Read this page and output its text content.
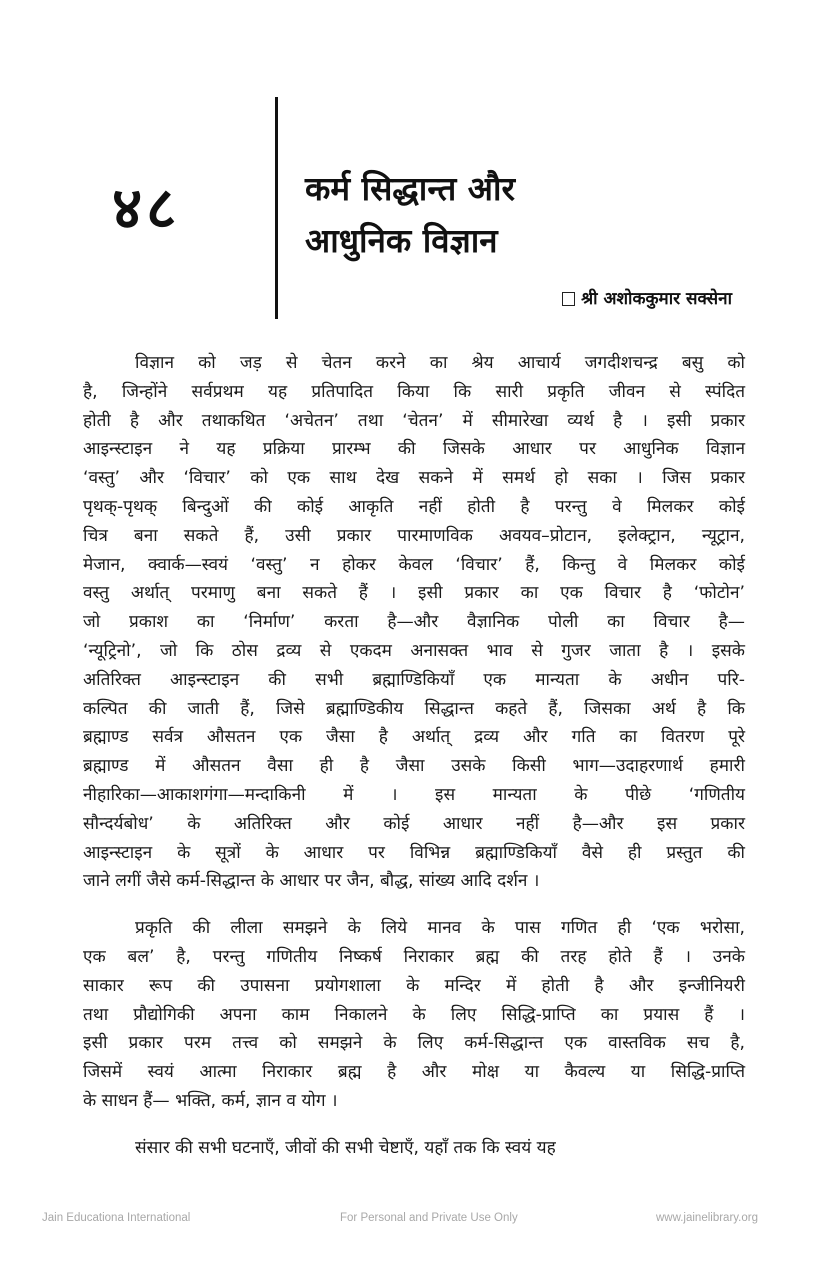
४८	कर्म सिद्धान्त और
आधुनिक विज्ञान
श्री अशोककुमार सक्सेना

विज्ञान को जड़ से चेतन करने का श्रेय आचार्य जगदीशचन्द्र बसु को
है, जिन्होंने सर्वप्रथम यह प्रतिपादित किया कि सारी प्रकृति जीवन से स्पंदित
होती है और तथाकथित ‘अचेतन’ तथा ‘चेतन’ में सीमारेखा व्यर्थ है । इसी प्रकार
आइन्स्टाइन ने यह प्रक्रिया प्रारम्भ की जिसके आधार पर आधुनिक विज्ञान
‘वस्तु’ और ‘विचार’ को एक साथ देख सकने में समर्थ हो सका । जिस प्रकार
पृथक्-पृथक् बिन्दुओं की कोई आकृति नहीं होती है परन्तु वे मिलकर कोई
चित्र बना सकते हैं, उसी प्रकार पारमाणविक अवयव–प्रोटान, इलेक्ट्रान, न्यूट्रान,
मेजान, क्वार्क—स्वयं ‘वस्तु’ न होकर केवल ‘विचार’ हैं, किन्तु वे मिलकर कोई
वस्तु अर्थात् परमाणु बना सकते हैं । इसी प्रकार का एक विचार है ‘फोटोन’
जो प्रकाश का ‘निर्माण’ करता है—और वैज्ञानिक पोली का विचार है—
‘न्यूट्रिनो’, जो कि ठोस द्रव्य से एकदम अनासक्त भाव से गुजर जाता है । इसके
अतिरिक्त आइन्स्टाइन की सभी ब्रह्माण्डिकियाँ एक मान्यता के अधीन परि-
कल्पित की जाती हैं, जिसे ब्रह्माण्डिकीय सिद्धान्त कहते हैं, जिसका अर्थ है कि
ब्रह्माण्ड सर्वत्र औसतन एक जैसा है अर्थात् द्रव्य और गति का वितरण पूरे
ब्रह्माण्ड में औसतन वैसा ही है जैसा उसके किसी भाग—उदाहरणार्थ हमारी
नीहारिका—आकाशगंगा—मन्दाकिनी में । इस मान्यता के पीछे ‘गणितीय
सौन्दर्यबोध’ के अतिरिक्त और कोई आधार नहीं है—और इस प्रकार
आइन्स्टाइन के सूत्रों के आधार पर विभिन्न ब्रह्माण्डिकियाँ वैसे ही प्रस्तुत की
जाने लगीं जैसे कर्म-सिद्धान्त के आधार पर जैन, बौद्ध, सांख्य आदि दर्शन ।

प्रकृति की लीला समझने के लिये मानव के पास गणित ही ‘एक भरोसा,
एक बल’ है, परन्तु गणितीय निष्कर्ष निराकार ब्रह्म की तरह होते हैं । उनके
साकार रूप की उपासना प्रयोगशाला के मन्दिर में होती है और इन्जीनियरी
तथा प्रौद्योगिकी अपना काम निकालने के लिए सिद्धि-प्राप्ति का प्रयास हैं ।
इसी प्रकार परम तत्त्व को समझने के लिए कर्म-सिद्धान्त एक वास्तविक सच है,
जिसमें स्वयं आत्मा निराकार ब्रह्म है और मोक्ष या कैवल्य या सिद्धि-प्राप्ति
के साधन हैं— भक्ति, कर्म, ज्ञान व योग ।

संसार की सभी घटनाएँ, जीवों की सभी चेष्टाएँ, यहाँ तक कि स्वयं यह

Jain Educationa International	For Personal and Private Use Only	www.jainelibrary.org
